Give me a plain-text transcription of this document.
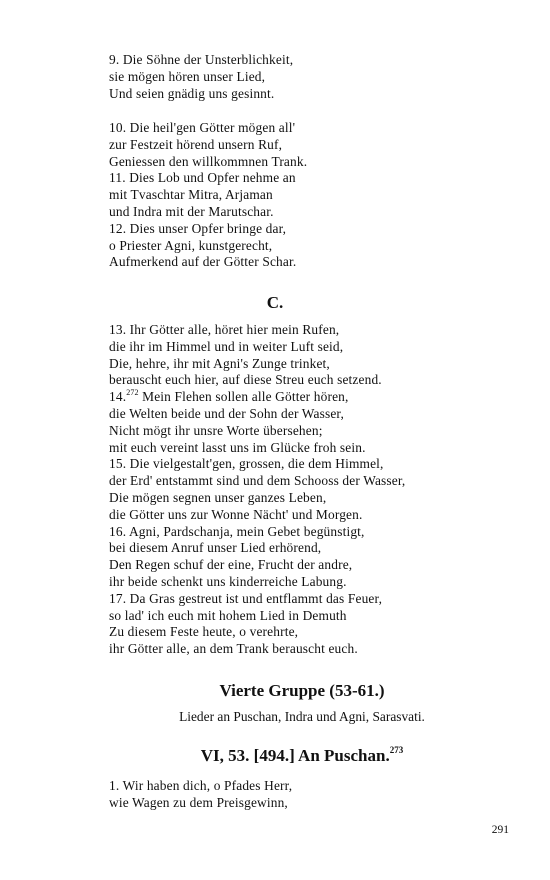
9. Die Söhne der Unsterblichkeit,
sie mögen hören unser Lied,
Und seien gnädig uns gesinnt.
10. Die heil'gen Götter mögen all'
zur Festzeit hörend unsern Ruf,
Geniessen den willkommnen Trank.
11. Dies Lob und Opfer nehme an
mit Tvaschtar Mitra, Arjaman
und Indra mit der Marutschar.
12. Dies unser Opfer bringe dar,
o Priester Agni, kunstgerecht,
Aufmerkend auf der Götter Schar.
C.
13. Ihr Götter alle, höret hier mein Rufen,
die ihr im Himmel und in weiter Luft seid,
Die, hehre, ihr mit Agni's Zunge trinket,
berauscht euch hier, auf diese Streu euch setzend.
14.$^{272}$ Mein Flehen sollen alle Götter hören,
die Welten beide und der Sohn der Wasser,
Nicht mögt ihr unsre Worte übersehen;
mit euch vereint lasst uns im Glücke froh sein.
15. Die vielgestalt'gen, grossen, die dem Himmel,
der Erd' entstammt sind und dem Schooss der Wasser,
Die mögen segnen unser ganzes Leben,
die Götter uns zur Wonne Nächt' und Morgen.
16. Agni, Pardschanja, mein Gebet begünstigt,
bei diesem Anruf unser Lied erhörend,
Den Regen schuf der eine, Frucht der andre,
ihr beide schenkt uns kinderreiche Labung.
17. Da Gras gestreut ist und entflammt das Feuer,
so lad' ich euch mit hohem Lied in Demuth
Zu diesem Feste heute, o verehrte,
ihr Götter alle, an dem Trank berauscht euch.
Vierte Gruppe (53-61.)
Lieder an Puschan, Indra und Agni, Sarasvati.
VI, 53. [494.] An Puschan.$^{273}$
1. Wir haben dich, o Pfades Herr,
wie Wagen zu dem Preisgewinn,
291
